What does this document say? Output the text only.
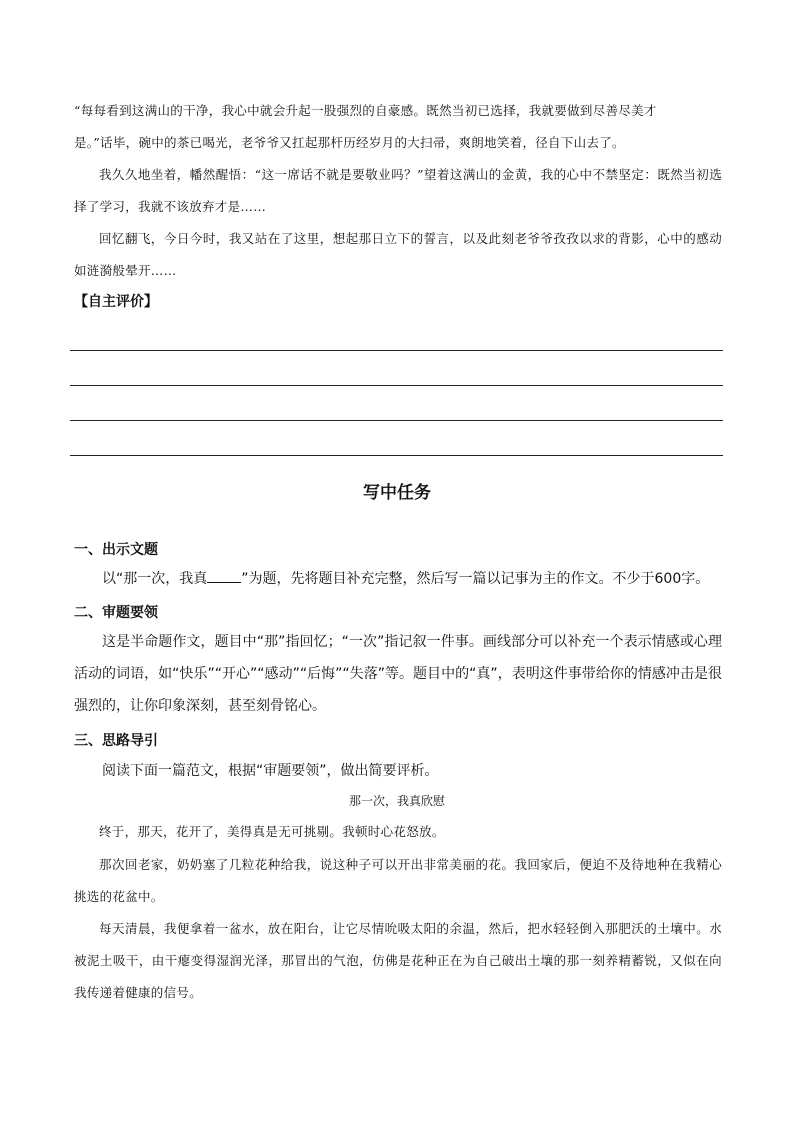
“每每看到这满山的干净，我心中就会升起一股强烈的自豪感。既然当初已选择，我就要做到尽善尽美才

是。”话毕，碗中的茶已喝光，老爷爷又扛起那杆历经岁月的大扫帚，爽朗地笑着，径自下山去了。

我久久地坐着，幡然醒悟：“这一席话不就是要敬业吗？”望着这满山的金黄，我的心中不禁坚定：既然当初选择了学习，我就不该放弃才是……

回忆翻飞，今日今时，我又站在了这里，想起那日立下的誓言，以及此刻老爷爷孜孜以求的背影，心中的感动如涟漪般晕开……

【自主评价】

写中任务

一、出示文题

以“那一次，我真 ”为题，先将题目补充完整，然后写一篇以记事为主的作文。不少于600字。

二、审题要领

这是半命题作文，题目中“那”指回忆；“一次”指记叙一件事。画线部分可以补充一个表示情感或心理活动的词语，如“快乐”“开心”“感动”“后悔”“失落”等。题目中的“真”，表明这件事带给你的情感冲击是很强烈的，让你印象深刻，甚至刻骨铭心。

三、思路导引

阅读下面一篇范文，根据“审题要领”，做出简要评析。

那一次，我真欣慰

终于，那天，花开了，美得真是无可挑剔。我顿时心花怒放。

那次回老家，奶奶塞了几粒花种给我，说这种子可以开出非常美丽的花。我回家后，便迫不及待地种在我精心挑选的花盆中。

每天清晨，我便拿着一盆水，放在阳台，让它尽情吮吸太阳的余温，然后，把水轻轻倒入那肥沃的土壤中。水被泥土吸干，由干瘪变得湿润光泽，那冒出的气泡，仿佛是花种正在为自己破出土壤的那一刻养精蓄锐，又似在向我传递着健康的信号。
